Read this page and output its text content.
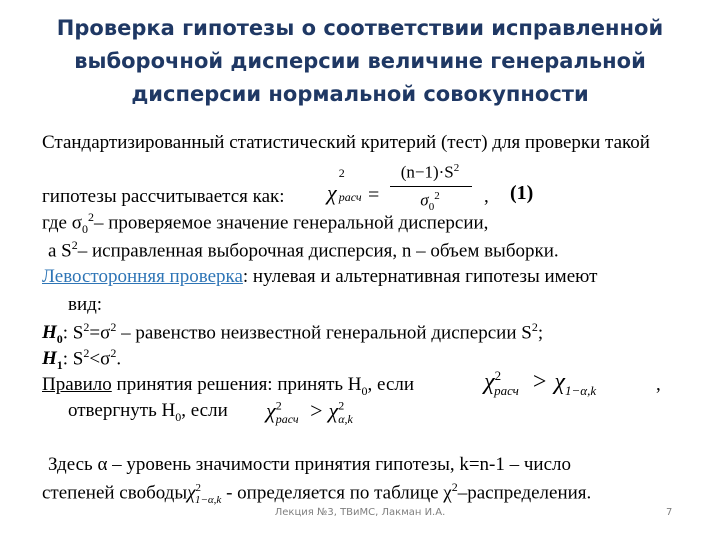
Проверка гипотезы о соответствии исправленной
выборочной дисперсии величине генеральной
дисперсии нормальной совокупности
Стандартизированный статистический критерий (тест) для проверки такой
гипотезы рассчитывается как: χ
2
расч =
$(n-1)\cdot S^2$
$\sigma_0^2$	, (1)
где $\sigma_0^2-$ проверяемое значение генеральной дисперсии,
а $S^2-$ исправленная выборочная дисперсия, n – объем выборки.
Левосторонняя проверка: нулевая и альтернативная гипотезы имеют
вид:
$H_0$: $S^2=\sigma^2$ – равенство неизвестной генеральной дисперсии $S^2$;
$H_1$: $S^2<\sigma^2$.
Правило принятия решения: принять $H_0$, если	$\chi^2_{расч} > \chi_{1-\alpha,k}$	,
отвергнуть $H_0$, если $\chi^2_{расч} > \chi^2_{\alpha,k}$
Здесь α – уровень значимости принятия гипотезы, k=n-1 – число
степеней свободыχ$^2_{1-\alpha,k}$ - определяется по таблице $\chi^2$–распределения.
Лекция №3, ТВиМС, Лакман И.А.	7
